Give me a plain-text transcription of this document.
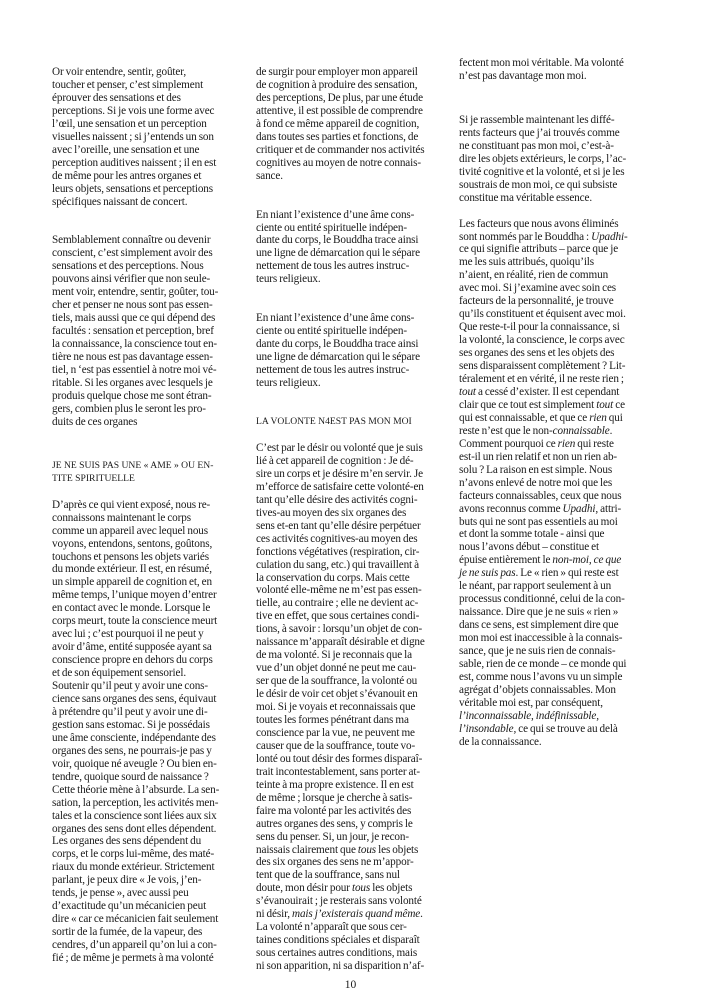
Or voir entendre, sentir, goûter,
toucher et penser, c’est simplement
éprouver des sensations et des
perceptions. Si je vois une forme avec
l’œil, une sensation et un perception
visuelles naissent ; si j’entends un son
avec l’oreille, une sensation et une
perception auditives naissent ; il en est
de même pour les antres organes et
leurs objets, sensations et perceptions
spécifiques naissant de concert.
Semblablement connaître ou devenir
conscient, c’est simplement avoir des
sensations et des perceptions. Nous
pouvons ainsi vérifier que non seule-
ment voir, entendre, sentir, goûter, tou-
cher et penser ne nous sont pas essen-
tiels, mais aussi que ce qui dépend des
facultés : sensation et perception, bref
la connaissance, la conscience tout en-
tière ne nous est pas davantage essen-
tiel, n ‘est pas essentiel à notre moi vé-
ritable. Si les organes avec lesquels je
produis quelque chose me sont étran-
gers, combien plus le seront les pro-
duits de ces organes
JE NE SUIS PAS UNE « AME » OU EN-
TITE SPIRITUELLE
D’après ce qui vient exposé, nous re-
connaissons maintenant le corps
comme un appareil avec lequel nous
voyons, entendons, sentons, goûtons,
touchons et pensons les objets variés
du monde extérieur. Il est, en résumé,
un simple appareil de cognition et, en
même temps, l’unique moyen d’entrer
en contact avec le monde. Lorsque le
corps meurt, toute la conscience meurt
avec lui ; c’est pourquoi il ne peut y
avoir d’âme, entité supposée ayant sa
conscience propre en dehors du corps
et de son équipement sensoriel.
Soutenir qu’il peut y avoir une cons-
cience sans organes des sens, équivaut
à prétendre qu’il peut y avoir une di-
gestion sans estomac. Si je possédais
une âme consciente, indépendante des
organes des sens, ne pourrais-je pas y
voir, quoique né aveugle ? Ou bien en-
tendre, quoique sourd de naissance ?
Cette théorie mène à l’absurde. La sen-
sation, la perception, les activités men-
tales et la conscience sont liées aux six
organes des sens dont elles dépendent.
Les organes des sens dépendent du
corps, et le corps lui-même, des maté-
riaux du monde extérieur. Strictement
parlant, je peux dire « Je vois, j’en-
tends, je pense », avec aussi peu
d’exactitude qu’un mécanicien peut
dire « car ce mécanicien fait seulement
sortir de la fumée, de la vapeur, des
cendres, d’un appareil qu’on lui a con-
fié ; de même je permets à ma volonté
de surgir pour employer mon appareil
de cognition à produire des sensation,
des perceptions, De plus, par une étude
attentive, il est possible de comprendre
à fond ce même appareil de cognition,
dans toutes ses parties et fonctions, de
critiquer et de commander nos activités
cognitives au moyen de notre connais-
sance.
En niant l’existence d’une âme cons-
ciente ou entité spirituelle indépen-
dante du corps, le Bouddha trace ainsi
une ligne de démarcation qui le sépare
nettement de tous les autres instruc-
teurs religieux.
En niant l’existence d’une âme cons-
ciente ou entité spirituelle indépen-
dante du corps, le Bouddha trace ainsi
une ligne de démarcation qui le sépare
nettement de tous les autres instruc-
teurs religieux.
LA VOLONTE N4EST PAS MON MOI
C’est par le désir ou volonté que je suis
lié à cet appareil de cognition : Je dé-
sire un corps et je désire m’en servir. Je
m’efforce de satisfaire cette volonté-en
tant qu’elle désire des activités cogni-
tives-au moyen des six organes des
sens et-en tant qu’elle désire perpétuer
ces activités cognitives-au moyen des
fonctions végétatives (respiration, cir-
culation du sang, etc.) qui travaillent à
la conservation du corps. Mais cette
volonté elle-même ne m’est pas essen-
tielle, au contraire ; elle ne devient ac-
tive en effet, que sous certaines condi-
tions, à savoir : lorsqu’un objet de con-
naissance m’apparaît désirable et digne
de ma volonté. Si je reconnais que la
vue d’un objet donné ne peut me cau-
ser que de la souffrance, la volonté ou
le désir de voir cet objet s’évanouit en
moi. Si je voyais et reconnaissais que
toutes les formes pénétrant dans ma
conscience par la vue, ne peuvent me
causer que de la souffrance, toute vo-
lonté ou tout désir des formes disparaî-
trait incontestablement, sans porter at-
teinte à ma propre existence. Il en est
de même ; lorsque je cherche à satis-
faire ma volonté par les activités des
autres organes des sens, y compris le
sens du penser. Si, un jour, je recon-
naissais clairement que tous les objets
des six organes des sens ne m’appor-
tent que de la souffrance, sans nul
doute, mon désir pour tous les objets
s’évanouirait ; je resterais sans volonté
ni désir, mais j’existerais quand même.
La volonté n’apparaît que sous cer-
taines conditions spéciales et disparaît
sous certaines autres conditions, mais
ni son apparition, ni sa disparition n’af-
fectent mon moi véritable. Ma volonté
n’est pas davantage mon moi.
Si je rassemble maintenant les diffé-
rents facteurs que j’ai trouvés comme
ne constituant pas mon moi, c’est-à-
dire les objets extérieurs, le corps, l’ac-
tivité cognitive et la volonté, et si je les
soustrais de mon moi, ce qui subsiste
constitue ma véritable essence.
Les facteurs que nous avons éliminés
sont nommés par le Bouddha : Upadhi-
ce qui signifie attributs – parce que je
me les suis attribués, quoiqu’ils
n’aient, en réalité, rien de commun
avec moi. Si j’examine avec soin ces
facteurs de la personnalité, je trouve
qu’ils constituent et équisent avec moi.
Que reste-t-il pour la connaissance, si
la volonté, la conscience, le corps avec
ses organes des sens et les objets des
sens disparaissent complètement ? Lit-
téralement et en vérité, il ne reste rien ;
tout a cessé d’exister. Il est cependant
clair que ce tout est simplement tout ce
qui est connaissable, et que ce rien qui
reste n’est que le non-connaissable.
Comment pourquoi ce rien qui reste
est-il un rien relatif et non un rien ab-
solu ? La raison en est simple. Nous
n’avons enlevé de notre moi que les
facteurs connaissables, ceux que nous
avons reconnus comme Upadhi, attri-
buts qui ne sont pas essentiels au moi
et dont la somme totale - ainsi que
nous l’avons début – constitue et
épuise entièrement le non-moi, ce que
je ne suis pas. Le « rien » qui reste est
le néant, par rapport seulement à un
processus conditionné, celui de la con-
naissance. Dire que je ne suis « rien »
dans ce sens, est simplement dire que
mon moi est inaccessible à la connais-
sance, que je ne suis rien de connais-
sable, rien de ce monde – ce monde qui
est, comme nous l’avons vu un simple
agrégat d’objets connaissables. Mon
véritable moi est, par conséquent,
l’inconnaissable, indéfinissable,
l’insondable, ce qui se trouve au delà
de la connaissance.
10
